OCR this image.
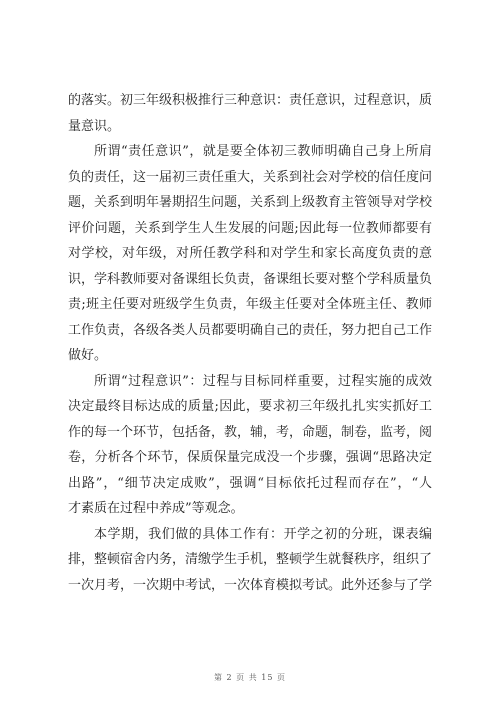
的落实。初三年级积极推行三种意识：责任意识，过程意识，质
量意识。
所谓“责任意识”，就是要全体初三教师明确自己身上所肩
负的责任，这一届初三责任重大，关系到社会对学校的信任度问
题，关系到明年暑期招生问题，关系到上级教育主管领导对学校
评价问题，关系到学生人生发展的问题;因此每一位教师都要有
对学校，对年级，对所任教学科和对学生和家长高度负责的意
识，学科教师要对备课组长负责，备课组长要对整个学科质量负
责;班主任要对班级学生负责，年级主任要对全体班主任、教师
工作负责，各级各类人员都要明确自己的责任，努力把自己工作
做好。
所谓“过程意识”：过程与目标同样重要，过程实施的成效
决定最终目标达成的质量;因此，要求初三年级扎扎实实抓好工
作的每一个环节，包括备，教，辅，考，命题，制卷，监考，阅
卷，分析各个环节，保质保量完成没一个步骤，强调“思路决定
出路”，“细节决定成败”，强调“目标依托过程而存在”，“人
才素质在过程中养成”等观念。
本学期，我们做的具体工作有：开学之初的分班，课表编
排，整顿宿舍内务，清缴学生手机，整顿学生就餐秩序，组织了
一次月考，一次期中考试，一次体育模拟考试。此外还参与了学
第 2 页 共 15 页
